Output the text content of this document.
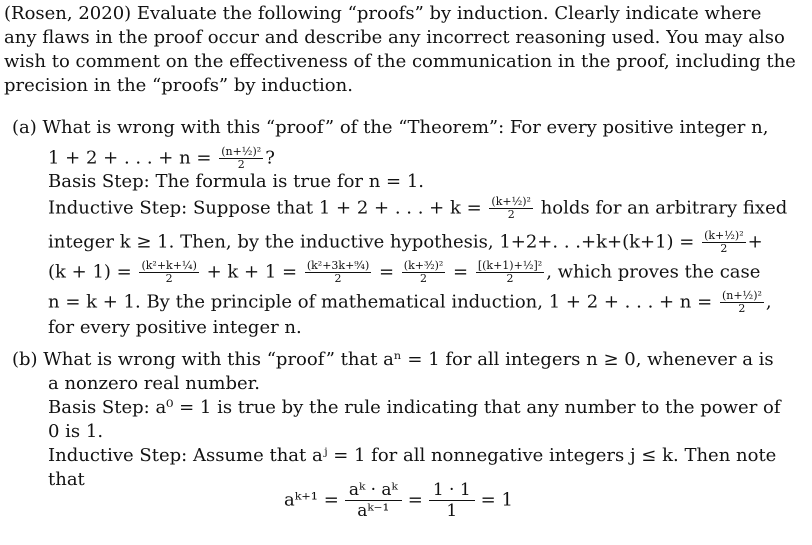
(Rosen, 2020) Evaluate the following “proofs” by induction. Clearly indicate where
any flaws in the proof occur and describe any incorrect reasoning used. You may also
wish to comment on the effectiveness of the communication in the proof, including the
precision in the “proofs” by induction.
(a) What is wrong with this “proof” of the “Theorem”: For every positive integer n,
1 + 2 + . . . + $n = \frac{\text{(n+½)²}}{2}$ ?
Basis Step: The formula is true for n = 1.
Inductive Step: Suppose that 1 + 2 + . . . + $k = \frac{\text{(k+½)²}}{2}$ holds for an arbitrary fixed
integer k ≥ 1. Then, by the inductive hypothesis, 1+2+. . $.+k+(k+1) = \frac{\text{(k+½)²}}{2}$ +
$(k + 1) = \frac{\text{(k²+k+¼)}}{2} + k + 1 = \frac{\text{(k²+3k+⁹⁄₄)}}{2} = \frac{\text{(k+³⁄₂)²}}{2} = \frac{\text{[(k+1)+½]²}}{2}$ , which proves the case
n = k + 1. By the principle of mathematical induction, 1 + 2 + . . . + $n = \frac{\text{(n+½)²}}{2}$ ,
for every positive integer n.
(b) What is wrong with this “proof” that aⁿ = 1 for all integers n ≥ 0, whenever a is
a nonzero real number.
Basis Step: a⁰ = 1 is true by the rule indicating that any number to the power of
0 is 1.
Inductive Step: Assume that aʲ = 1 for all nonnegative integers j ≤ k. Then note
that
aᵏ⁺¹ = $\frac{\text{aᵏ · aᵏ}}{\text{aᵏ⁻¹}} = \frac{1 \cdot 1}{1} = 1$
